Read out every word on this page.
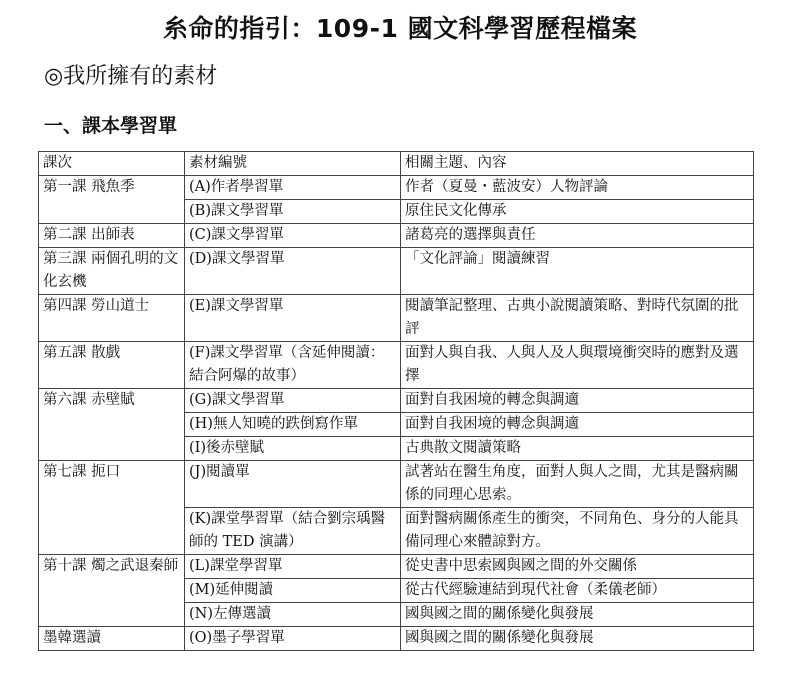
糸命的指引：109-1 國文科學習歷程檔案
◎我所擁有的素材
一、課本學習單
課次	素材編號	相關主題、內容
第一課 飛魚季	(A)作者學習單	作者（夏曼・藍波安）人物評論
	(B)課文學習單	原住民文化傳承
第二課 出師表	(C)課文學習單	諸葛亮的選擇與責任
第三課 兩個孔明的文化玄機	(D)課文學習單	「文化評論」閱讀練習
第四課 勞山道士	(E)課文學習單	閱讀筆記整理、古典小說閱讀策略、對時代氛圍的批評
第五課 散戲	(F)課文學習單（含延伸閱讀：結合阿爆的故事）	面對人與自我、人與人及人與環境衝突時的應對及選擇
第六課 赤壁賦	(G)課文學習單	面對自我困境的轉念與調適
	(H)無人知曉的跌倒寫作單	面對自我困境的轉念與調適
	(I)後赤壁賦	古典散文閱讀策略
第七課 扼口	(J)閱讀單	試著站在醫生角度，面對人與人之間，尤其是醫病關係的同理心思索。
	(K)課堂學習單（結合劉宗瑀醫師的 TED 演講）	面對醫病關係產生的衝突，不同角色、身分的人能具備同理心來體諒對方。
第十課 燭之武退秦師	(L)課堂學習單	從史書中思索國與國之間的外交關係
	(M)延伸閱讀	從古代經驗連結到現代社會（柔儀老師）
	(N)左傳選讀	國與國之間的關係變化與發展
墨韓選讀	(O)墨子學習單	國與國之間的關係變化與發展
